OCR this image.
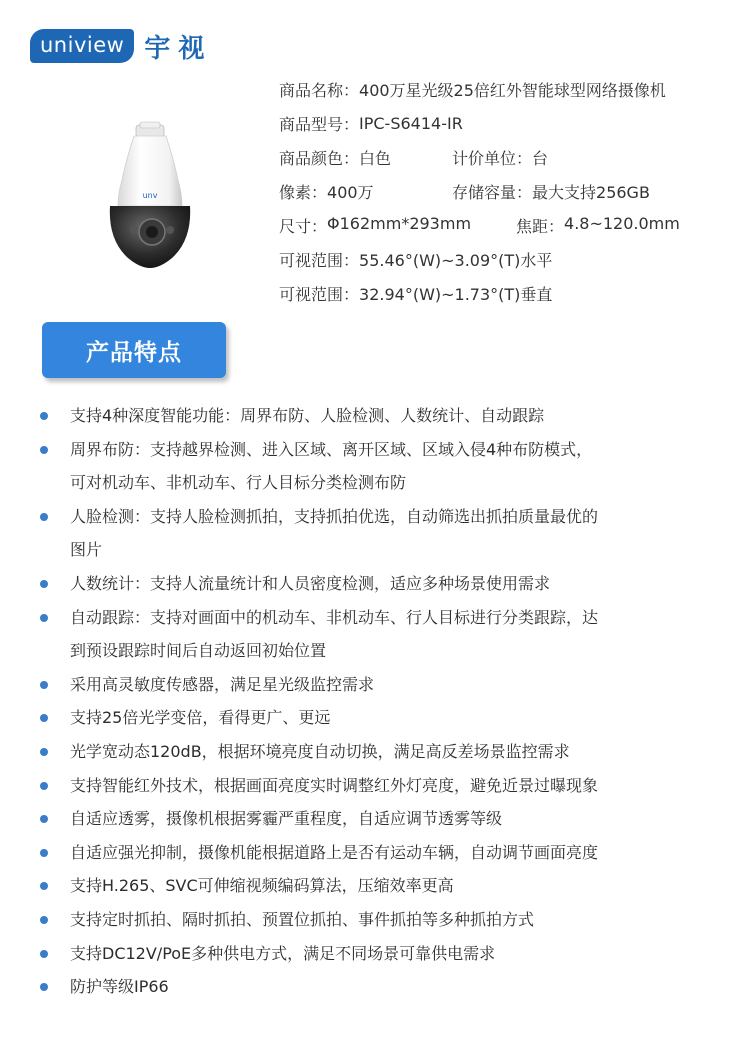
uniview 宇视
unv
商品名称： 400万星光级25倍红外智能球型网络摄像机
商品型号： IPC-S6414-IR
商品颜色： 白色	计价单位： 台
像素： 400万	存储容量： 最大支持256GB
尺寸： Φ162mm*293mm	焦距： 4.8~120.0mm
可视范围： 55.46°(W)~3.09°(T)水平
可视范围： 32.94°(W)~1.73°(T)垂直
产品特点
支持4种深度智能功能：周界布防、人脸检测、人数统计、自动跟踪
周界布防：支持越界检测、进入区域、离开区域、区域入侵4种布防模式，
可对机动车、非机动车、行人目标分类检测布防
人脸检测：支持人脸检测抓拍，支持抓拍优选，自动筛选出抓拍质量最优的
图片
人数统计：支持人流量统计和人员密度检测，适应多种场景使用需求
自动跟踪：支持对画面中的机动车、非机动车、行人目标进行分类跟踪，达
到预设跟踪时间后自动返回初始位置
采用高灵敏度传感器，满足星光级监控需求
支持25倍光学变倍，看得更广、更远
光学宽动态120dB，根据环境亮度自动切换，满足高反差场景监控需求
支持智能红外技术，根据画面亮度实时调整红外灯亮度，避免近景过曝现象
自适应透雾，摄像机根据雾霾严重程度，自适应调节透雾等级
自适应强光抑制，摄像机能根据道路上是否有运动车辆，自动调节画面亮度
支持H.265、SVC可伸缩视频编码算法，压缩效率更高
支持定时抓拍、隔时抓拍、预置位抓拍、事件抓拍等多种抓拍方式
支持DC12V/PoE多种供电方式，满足不同场景可靠供电需求
防护等级IP66
